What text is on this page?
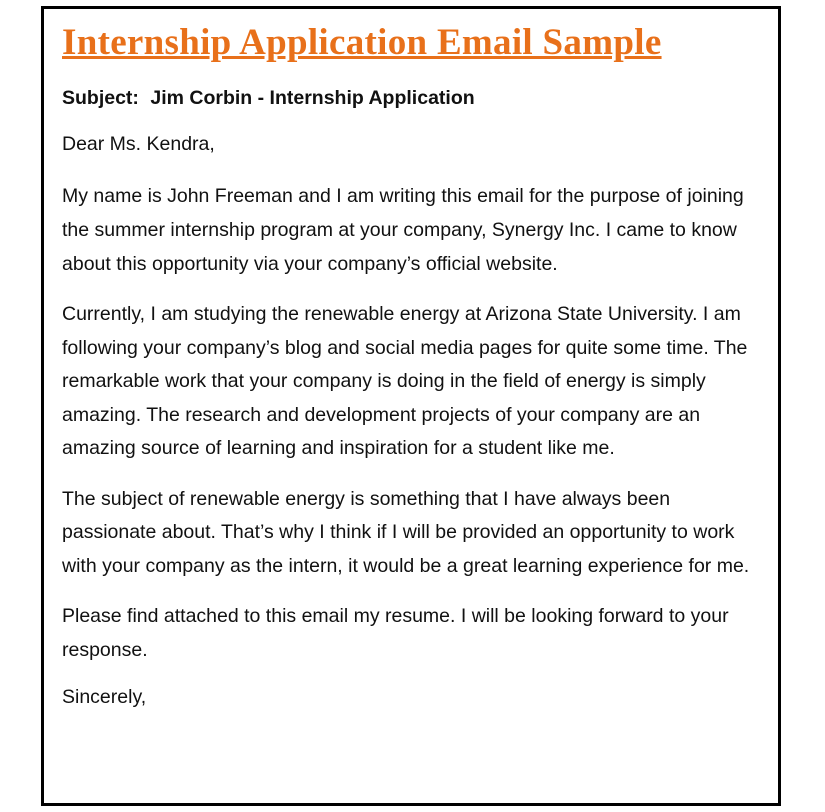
Internship Application Email Sample

Subject: Jim Corbin - Internship Application

Dear Ms. Kendra,

My name is John Freeman and I am writing this email for the purpose of joining the summer internship program at your company, Synergy Inc. I came to know about this opportunity via your company’s official website.

Currently, I am studying the renewable energy at Arizona State University. I am following your company’s blog and social media pages for quite some time. The remarkable work that your company is doing in the field of energy is simply amazing. The research and development projects of your company are an amazing source of learning and inspiration for a student like me.

The subject of renewable energy is something that I have always been passionate about. That’s why I think if I will be provided an opportunity to work with your company as the intern, it would be a great learning experience for me.

Please find attached to this email my resume. I will be looking forward to your response.

Sincerely,
